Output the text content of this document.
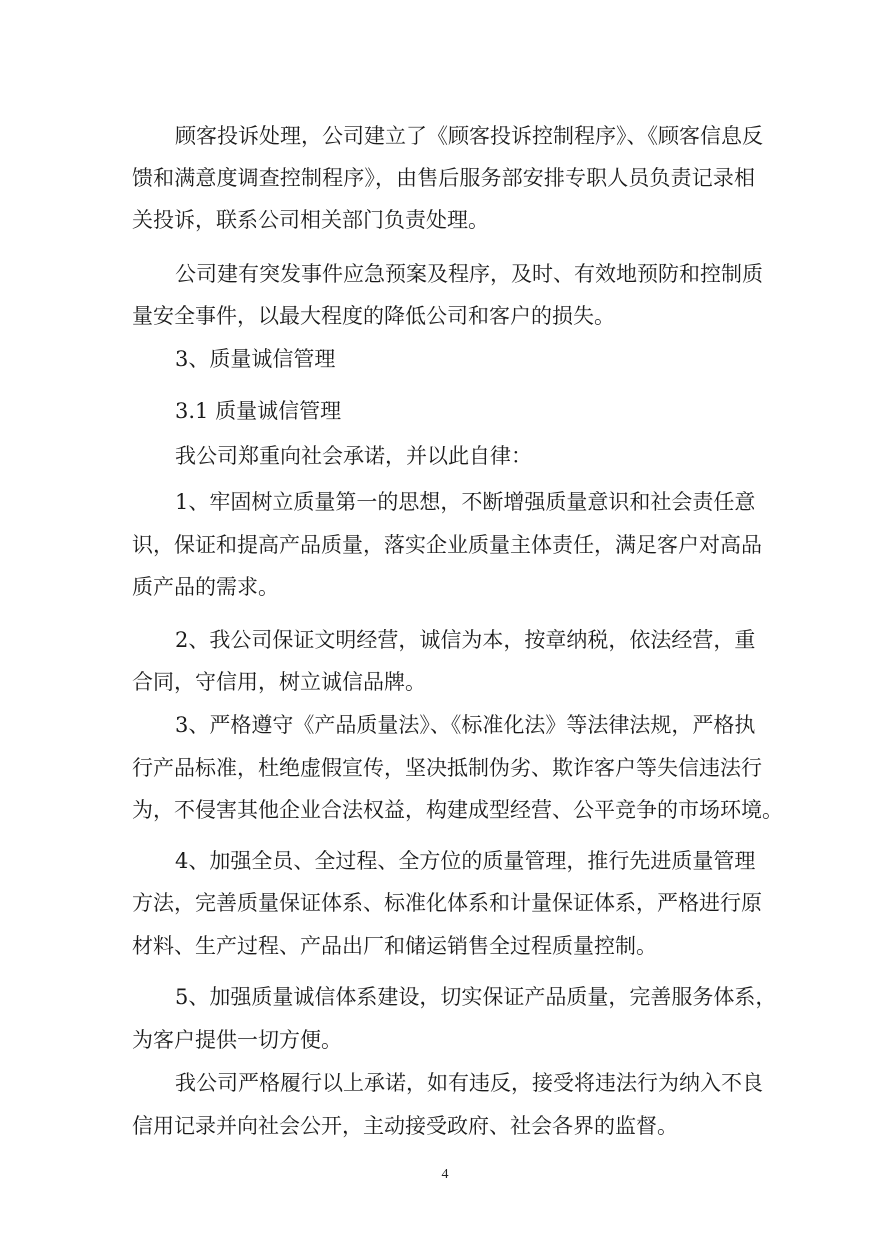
顾客投诉处理，公司建立了《顾客投诉控制程序》、《顾客信息反

馈和满意度调查控制程序》，由售后服务部安排专职人员负责记录相

关投诉，联系公司相关部门负责处理。

公司建有突发事件应急预案及程序，及时、有效地预防和控制质

量安全事件，以最大程度的降低公司和客户的损失。

3、质量诚信管理

3.1 质量诚信管理

我公司郑重向社会承诺，并以此自律：

1、牢固树立质量第一的思想，不断增强质量意识和社会责任意

识，保证和提高产品质量，落实企业质量主体责任，满足客户对高品

质产品的需求。

2、我公司保证文明经营，诚信为本，按章纳税，依法经营，重

合同，守信用，树立诚信品牌。

3、严格遵守《产品质量法》、《标准化法》等法律法规，严格执

行产品标准，杜绝虚假宣传，坚决抵制伪劣、欺诈客户等失信违法行

为，不侵害其他企业合法权益，构建成型经营、公平竞争的市场环境。

4、加强全员、全过程、全方位的质量管理，推行先进质量管理

方法，完善质量保证体系、标准化体系和计量保证体系，严格进行原

材料、生产过程、产品出厂和储运销售全过程质量控制。

5、加强质量诚信体系建设，切实保证产品质量，完善服务体系，

为客户提供一切方便。

我公司严格履行以上承诺，如有违反，接受将违法行为纳入不良

信用记录并向社会公开，主动接受政府、社会各界的监督。

4
